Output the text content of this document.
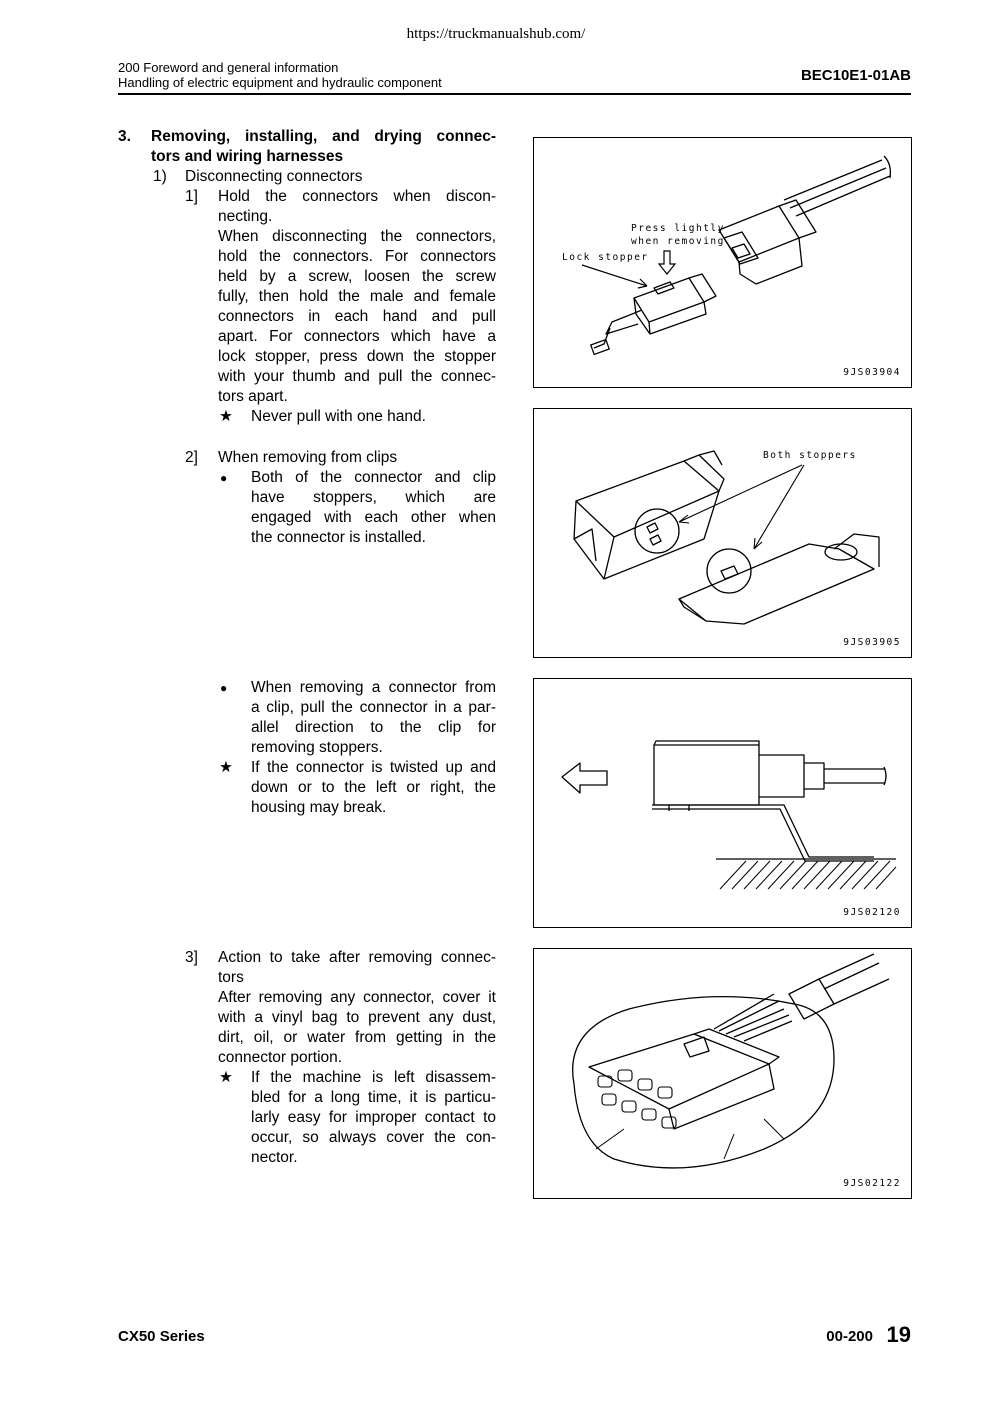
https://truckmanualshub.com/
200 Foreword and general information
Handling of electric equipment and hydraulic component	BEC10E1-01AB
3. Removing, installing, and drying connec-
tors and wiring harnesses
1) Disconnecting connectors
1] Hold the connectors when discon-
necting.
When disconnecting the connectors,
hold the connectors. For connectors
held by a screw, loosen the screw
fully, then hold the male and female
connectors in each hand and pull
apart. For connectors which have a
lock stopper, press down the stopper
with your thumb and pull the connec-
tors apart.
★ Never pull with one hand.
2] When removing from clips
● Both of the connector and clip
have stoppers, which are
engaged with each other when
the connector is installed.
● When removing a connector from
a clip, pull the connector in a par-
allel direction to the clip for
removing stoppers.
★ If the connector is twisted up and
down or to the left or right, the
housing may break.
3] Action to take after removing connec-
tors
After removing any connector, cover it
with a vinyl bag to prevent any dust,
dirt, oil, or water from getting in the
connector portion.
★ If the machine is left disassem-
bled for a long time, it is particu-
larly easy for improper contact to
occur, so always cover the con-
nector.
Press lightly
when removing
Lock stopper
9JS03904
Both stoppers
9JS03905
9JS02120
9JS02122
CX50 Series	00-200 19
